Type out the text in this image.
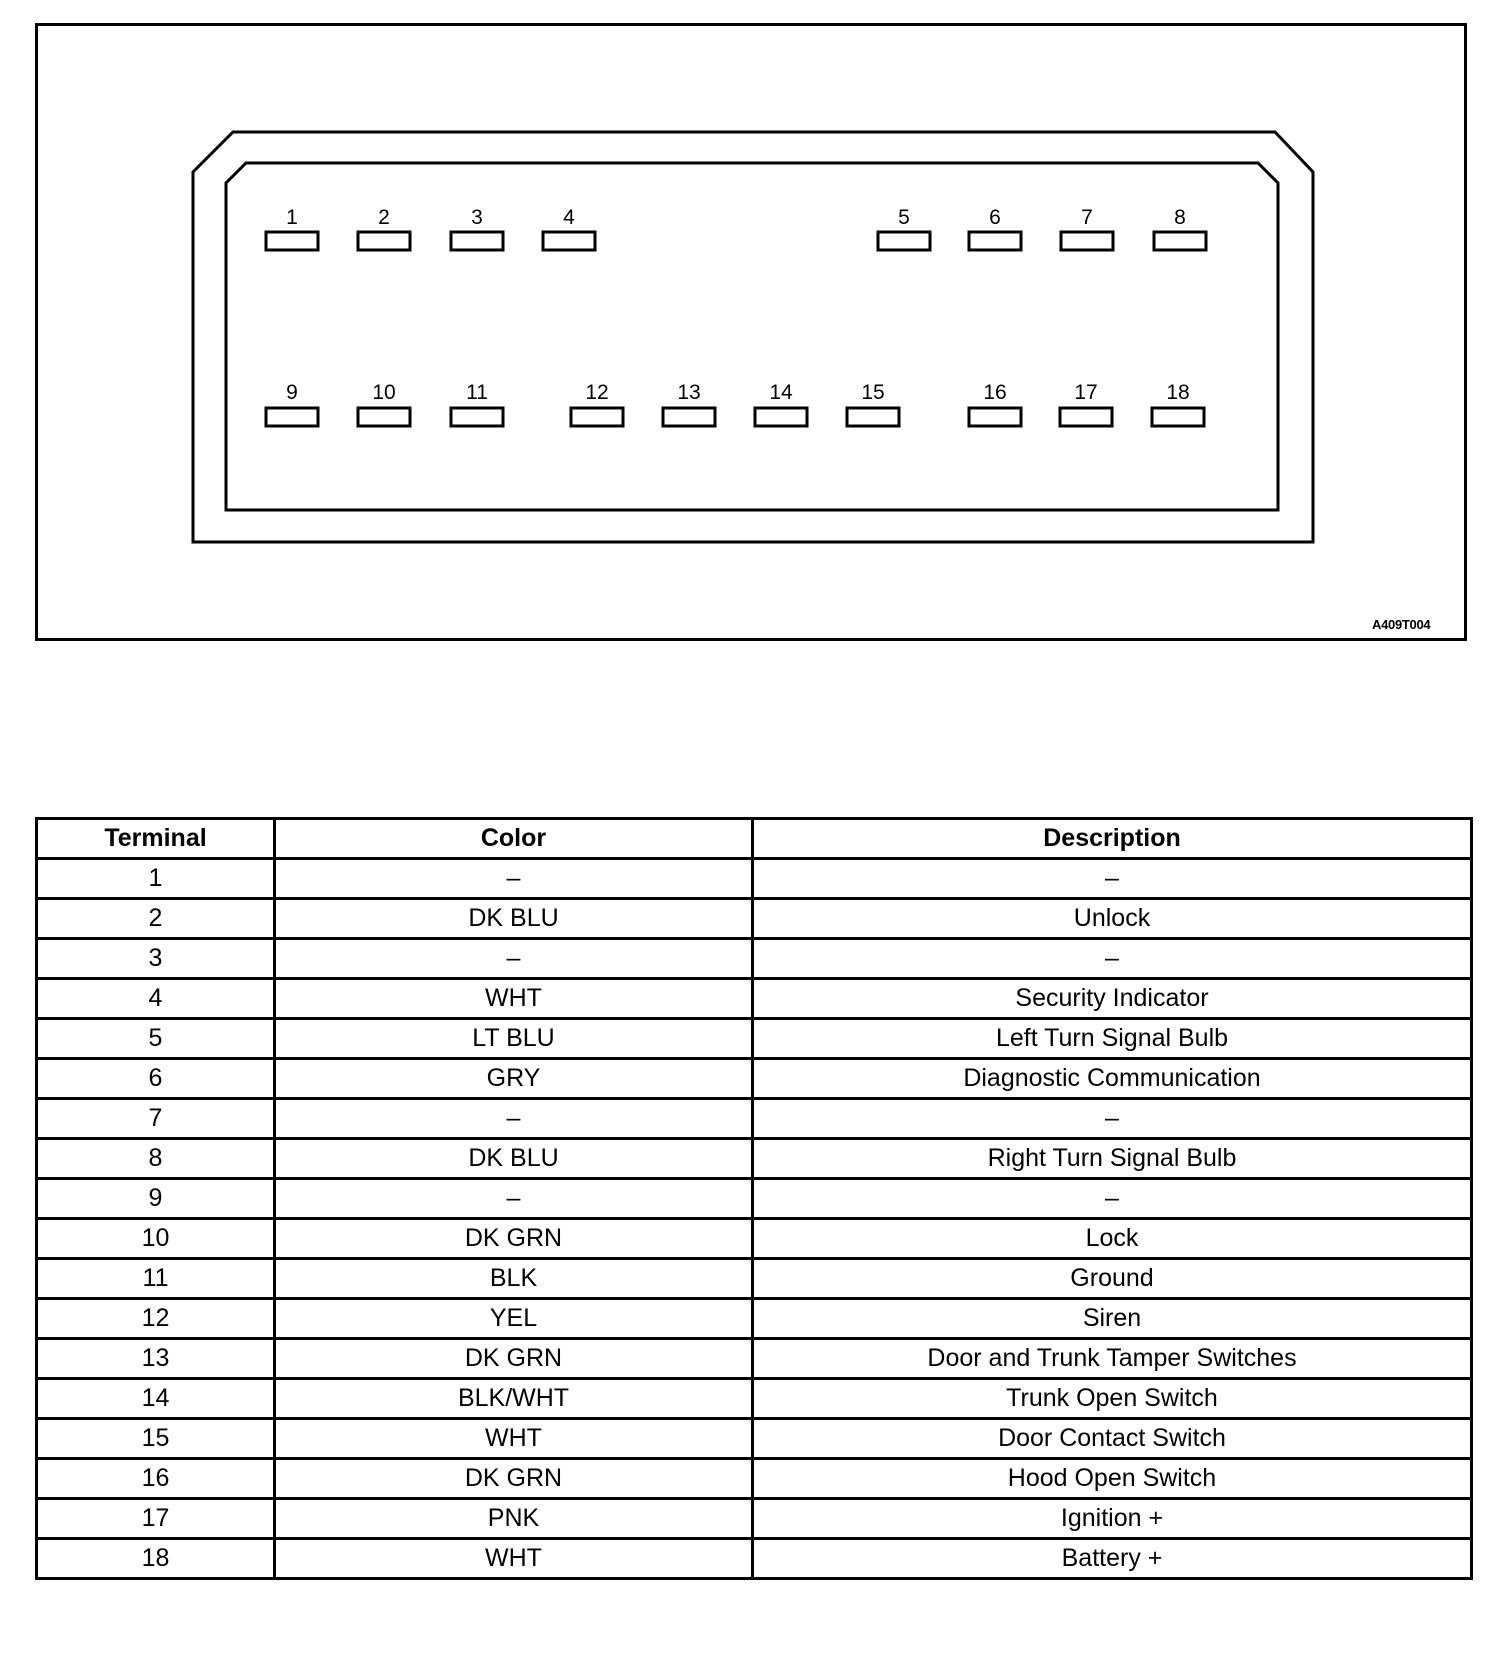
1	2	3	4	5	6	7	8
9	10	11	12	13	14	15	16	17	18
A409T004
Terminal	Color	Description
1	–	–
2	DK BLU	Unlock
3	–	–
4	WHT	Security Indicator
5	LT BLU	Left Turn Signal Bulb
6	GRY	Diagnostic Communication
7	–	–
8	DK BLU	Right Turn Signal Bulb
9	–	–
10	DK GRN	Lock
11	BLK	Ground
12	YEL	Siren
13	DK GRN	Door and Trunk Tamper Switches
14	BLK/WHT	Trunk Open Switch
15	WHT	Door Contact Switch
16	DK GRN	Hood Open Switch
17	PNK	Ignition +
18	WHT	Battery +
